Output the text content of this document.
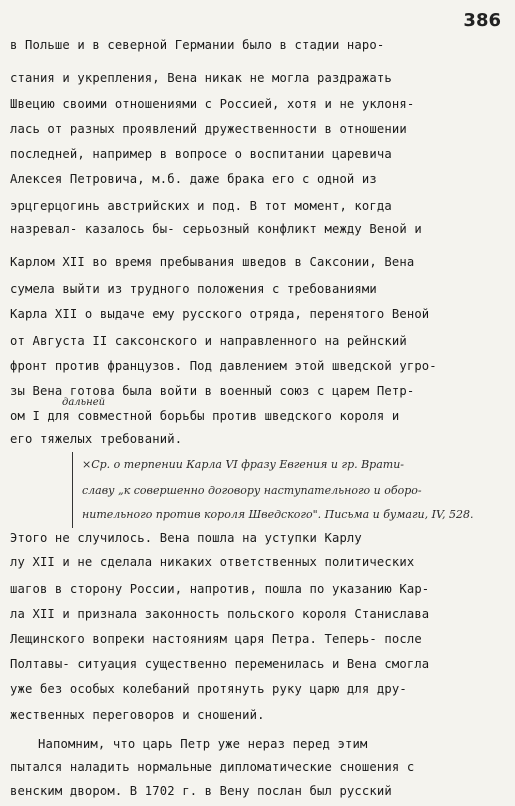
386
в Польше и в северной Германии было в стадии нарo-
стания и укрепления, Вена никак не могла раздражать
Швецию своими отношениями с Россией, хотя и не уклоня-
лась от разных проявлений дружественности в отношении
последней, например в вопросе о воспитании царевича
Алексея Петровича, м.б. даже брака его с одной из
эрцгерцогинь австрийских и под. В тот момент, когда
назревал- казалось бы- серьозный конфликт между Веной и
Карлом XII во время пребывания шведов в Саксонии, Вена
сумела выйти из трудного положения с требованиями
Карла XII о выдаче ему русского отряда, перенятого Веной
от Августа II саксонского и направленного на рейнский
фронт против французов. Под давлением этой шведской угро-
зы Вена готова была войти в военный союз с царем Петр-
дальней
ом I для совместной борьбы против шведского короля и
его тяжелых требований.
×Ср. о терпении Карла VI фразу Евгения и гр. Врати-
славу „к совершенно договору наступательного и оборо-
нительного против короля Шведского". Письма и бумаги, IV, 528.
Этого не случилось. Вена пошла на уступки Карлу
лу XII и не сделала никаких ответственных политических
шагов в сторону России, напротив, пошла по указанию Кар-
ла XII и признала законность польского короля Станислава
Лещинского вопреки настояниям царя Петра. Теперь- после
Полтавы- ситуация существенно переменилась и Вена смогла
уже без особых колебаний протянуть руку царю для дру-
жественных переговоров и сношений.
Напомним, что царь Петр уже нераз перед этим
пытался наладить нормальные дипломатические сношения с
венским двором. В 1702 г. в Вену послан был русский
